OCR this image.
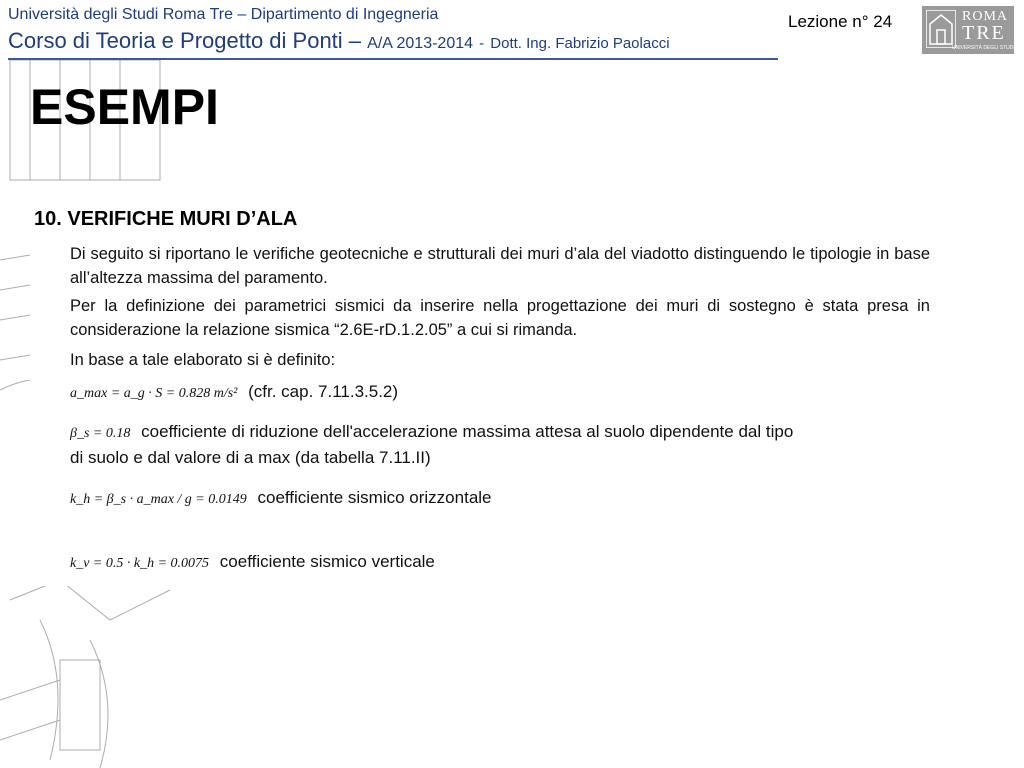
Università degli Studi Roma Tre – Dipartimento di Ingegneria
Corso di Teoria e Progetto di Ponti – A/A 2013-2014 - Dott. Ing. Fabrizio Paolacci
Lezione n° 24	ROMA
TRE
UNIVERSITÀ DEGLI STUDI
ESEMPI
10. VERIFICHE MURI D’ALA
Di seguito si riportano le verifiche geotecniche e strutturali dei muri d’ala del viadotto distinguendo le tipologie in base all’altezza massima del paramento.
Per la definizione dei parametrici sismici da inserire nella progettazione dei muri di sostegno è stata presa in considerazione la relazione sismica “2.6E-rD.1.2.05” a cui si rimanda.
In base a tale elaborato si è definito:
a_max = a_g · S = 0.828 m/s² (cfr. cap. 7.11.3.5.2)
β_s = 0.18 coefficiente di riduzione dell'accelerazione massima attesa al suolo dipendente dal tipo
di suolo e dal valore di a max (da tabella 7.11.II)
k_h = β_s · a_max / g = 0.0149 coefficiente sismico orizzontale
k_v = 0.5 · k_h = 0.0075 coefficiente sismico verticale
